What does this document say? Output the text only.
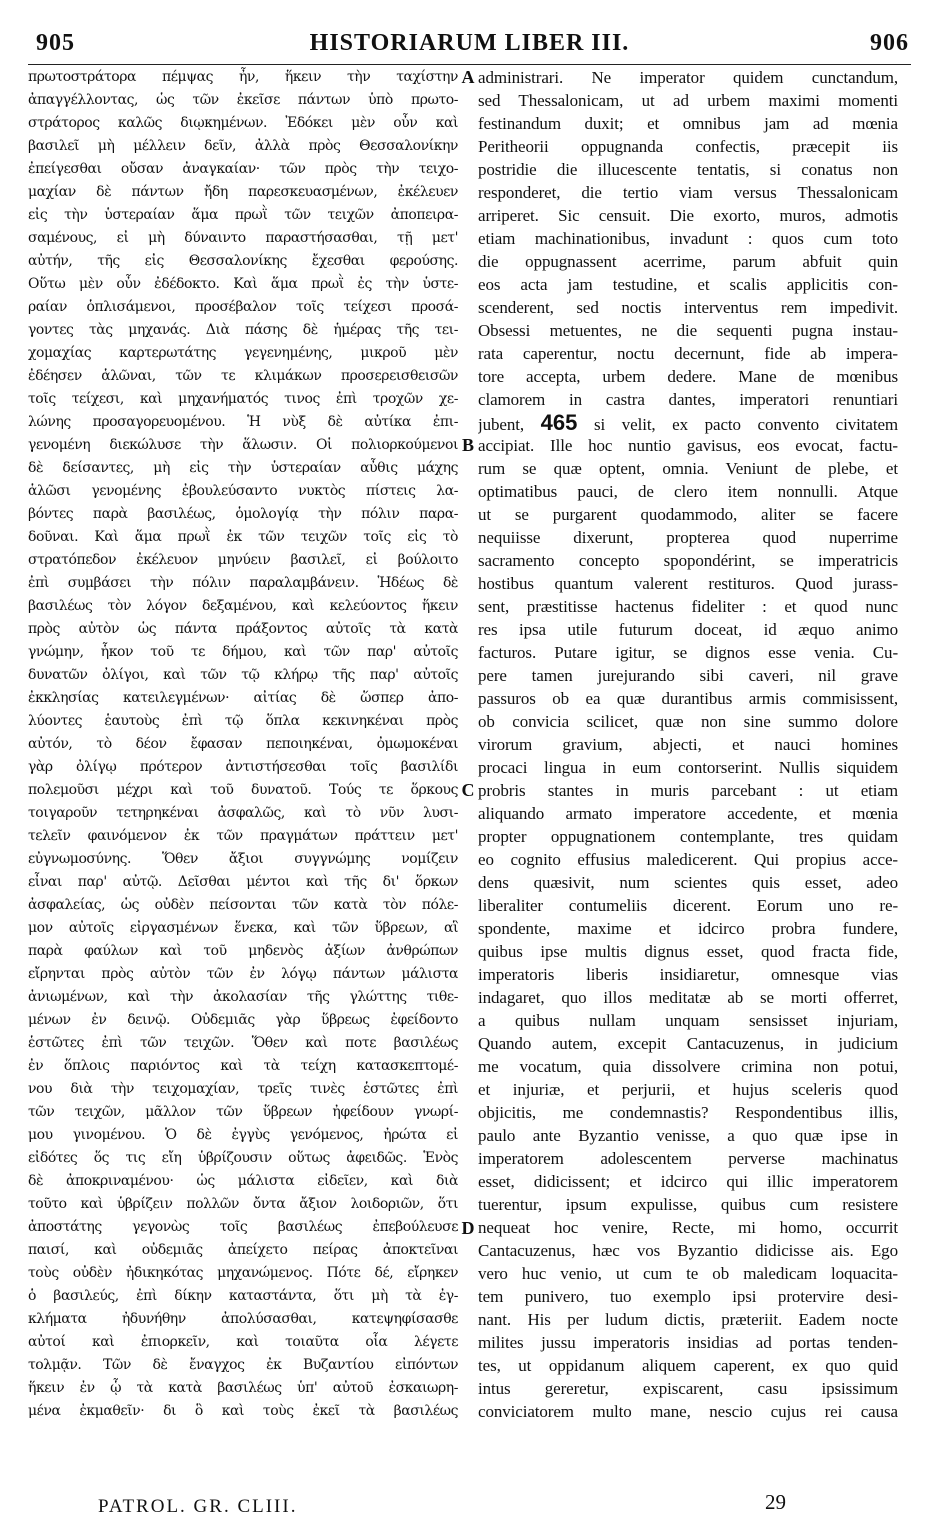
905	HISTORIARUM LIBER III.	906
πρωτοστράτορα πέμψας ἦν, ἥκειν τὴν ταχίστην
ἀπαγγέλλοντας, ὡς τῶν ἐκεῖσε πάντων ὑπὸ πρωτο-
στράτορος καλῶς διῳκημένων. Ἐδόκει μὲν οὖν καὶ
βασιλεῖ μὴ μέλλειν δεῖν, ἀλλὰ πρὸς Θεσσαλονίκην
ἐπείγεσθαι οὔσαν ἀναγκαίαν· τῶν πρὸς τὴν τειχο-
μαχίαν δὲ πάντων ἤδη παρεσκευασμένων, ἐκέλευεν
εἰς τὴν ὑστεραίαν ἅμα πρωῒ τῶν τειχῶν ἀποπειρα-
σαμένους, εἰ μὴ δύναιντο παραστήσασθαι, τῇ μετ'
αὐτήν, τῆς εἰς Θεσσαλονίκης ἔχεσθαι φερούσης.
Οὕτω μὲν οὖν ἐδέδοκτο. Καὶ ἅμα πρωῒ ἐς τὴν ὑστε-
ραίαν ὁπλισάμενοι, προσέβαλον τοῖς τείχεσι προσά-
γοντες τὰς μηχανάς. Διὰ πάσης δὲ ἡμέρας τῆς τει-
χομαχίας καρτερωτάτης γεγενημένης, μικροῦ μὲν
ἐδέησεν ἁλῶναι, τῶν τε κλιμάκων προσερεισθεισῶν
τοῖς τείχεσι, καὶ μηχανήματός τινος ἐπὶ τροχῶν χε-
λώνης προσαγορευομένου. Ἡ νὺξ δὲ αὐτίκα ἐπι-
γενομένη διεκώλυσε τὴν ἅλωσιν. Οἱ πολιορκούμενοι
δὲ δείσαντες, μὴ εἰς τὴν ὑστεραίαν αὖθις μάχης
ἁλῶσι γενομένης ἐβουλεύσαντο νυκτὸς πίστεις λα-
βόντες παρὰ βασιλέως, ὁμολογίᾳ τὴν πόλιν παρα-
δοῦναι. Καὶ ἅμα πρωῒ ἐκ τῶν τειχῶν τοῖς εἰς τὸ
στρατόπεδον ἐκέλευον μηνύειν βασιλεῖ, εἰ βούλοιτο
ἐπὶ συμβάσει τὴν πόλιν παραλαμβάνειν. Ἡδέως δὲ
βασιλέως τὸν λόγον δεξαμένου, καὶ κελεύοντος ἥκειν
πρὸς αὐτὸν ὡς πάντα πράξοντος αὐτοῖς τὰ κατὰ
γνώμην, ἧκον τοῦ τε δήμου, καὶ τῶν παρ' αὐτοῖς
δυνατῶν ὀλίγοι, καὶ τῶν τῷ κλήρῳ τῆς παρ' αὐτοῖς
ἐκκλησίας κατειλεγμένων· αἰτίας δὲ ὥσπερ ἀπο-
λύοντες ἑαυτοὺς ἐπὶ τῷ ὅπλα κεκινηκέναι πρὸς
αὐτόν, τὸ δέον ἔφασαν πεποιηκέναι, ὀμωμοκέναι
γὰρ ὀλίγῳ πρότερον ἀντιστήσεσθαι τοῖς βασιλίδι
πολεμοῦσι μέχρι καὶ τοῦ δυνατοῦ. Τούς τε ὅρκους
τοιγαροῦν τετηρηκέναι ἀσφαλῶς, καὶ τὸ νῦν λυσι-
τελεῖν φαινόμενον ἐκ τῶν πραγμάτων πράττειν μετ'
εὐγνωμοσύνης. Ὅθεν ἄξιοι συγγνώμης νομίζειν
εἶναι παρ' αὐτῷ. Δεῖσθαι μέντοι καὶ τῆς δι' ὅρκων
ἀσφαλείας, ὡς οὐδὲν πείσονται τῶν κατὰ τὸν πόλε-
μον αὐτοῖς εἰργασμένων ἕνεκα, καὶ τῶν ὕβρεων, αἳ
παρὰ φαύλων καὶ τοῦ μηδενὸς ἀξίων ἀνθρώπων
εἴρηνται πρὸς αὐτὸν τῶν ἐν λόγῳ πάντων μάλιστα
ἀνιωμένων, καὶ τὴν ἀκολασίαν τῆς γλώττης τιθε-
μένων ἐν δεινῷ. Οὐδεμιᾶς γὰρ ὕβρεως ἐφείδοντο
ἑστῶτες ἐπὶ τῶν τειχῶν. Ὅθεν καὶ ποτε βασιλέως
ἐν ὅπλοις παριόντος καὶ τὰ τείχη κατασκεπτομέ-
νου διὰ τὴν τειχομαχίαν, τρεῖς τινὲς ἑστῶτες ἐπὶ
τῶν τειχῶν, μᾶλλον τῶν ὕβρεων ἠφείδουν γνωρί-
μου γινομένου. Ὁ δὲ ἐγγὺς γενόμενος, ἠρώτα εἰ
εἰδότες ὅς τις εἴη ὑβρίζουσιν οὕτως ἀφειδῶς. Ἑνὸς
δὲ ἀποκριναμένου· ὡς μάλιστα εἰδεῖεν, καὶ διὰ
τοῦτο καὶ ὑβρίζειν πολλῶν ὄντα ἄξιον λοιδοριῶν, ὅτι
ἀποστάτης γεγονὼς τοῖς βασιλέως ἐπεβούλευσε
παισί, καὶ οὐδεμιᾶς ἀπείχετο πείρας ἀποκτεῖναι
τοὺς οὐδὲν ἠδικηκότας μηχανώμενος. Πότε δέ, εἴρηκεν
ὁ βασιλεύς, ἐπὶ δίκην καταστάντα, ὅτι μὴ τὰ ἐγ-
κλήματα ἠδυνήθην ἀπολύσασθαι, κατεψηφίσασθε
αὐτοί καὶ ἐπιορκεῖν, καὶ τοιαῦτα οἷα λέγετε
τολμᾷν. Τῶν δὲ ἔναγχος ἐκ Βυζαντίου εἰπόντων
ἥκειν ἐν ᾧ τὰ κατὰ βασιλέως ὑπ' αὐτοῦ ἐσκαιωρη-
μένα ἐκμαθεῖν· δι ὃ καὶ τοὺς ἐκεῖ τὰ βασιλέως
administrari. Ne imperator quidem cunctandum,
sed Thessalonicam, ut ad urbem maximi momenti
festinandum duxit; et omnibus jam ad mœnia
Peritheorii oppugnanda confectis, præcepit iis
postridie die illucescente tentatis, si conatus non
responderet, die tertio viam versus Thessalonicam
arriperet. Sic censuit. Die exorto, muros, admotis
etiam machinationibus, invadunt : quos cum toto
die oppugnassent acerrime, parum abfuit quin
eos acta jam testudine, et scalis applicitis con-
scenderent, sed noctis interventus rem impedivit.
Obsessi metuentes, ne die sequenti pugna instau-
rata caperentur, noctu decernunt, fide ab impera-
tore accepta, urbem dedere. Mane de mœnibus
clamorem in castra dantes, imperatori renuntiari
jubent, 465 si velit, ex pacto convento civitatem
accipiat. Ille hoc nuntio gavisus, eos evocat, factu-
rum se quæ optent, omnia. Veniunt de plebe, et
optimatibus pauci, de clero item nonnulli. Atque
ut se purgarent quodammodo, aliter se facere
nequiisse dixerunt, propterea quod nuperrime
sacramento concepto spopondérint, se imperatricis
hostibus quantum valerent restituros. Quod jurass-
sent, præstitisse hactenus fideliter : et quod nunc
res ipsa utile futurum doceat, id æquo animo
facturos. Putare igitur, se dignos esse venia. Cu-
pere tamen jurejurando sibi caveri, nil grave
passuros ob ea quæ durantibus armis commisissent,
ob convicia scilicet, quæ non sine summo dolore
virorum gravium, abjecti, et nauci homines
procaci lingua in eum contorserint. Nullis siquidem
probris stantes in muris parcebant : ut etiam
aliquando armato imperatore accedente, et mœnia
propter oppugnationem contemplante, tres quidam
eo cognito effusius maledicerent. Qui propius acce-
dens quæsivit, num scientes quis esset, adeo
liberaliter contumeliis dicerent. Eorum uno re-
spondente, maxime et idcirco probra fundere,
quibus ipse multis dignus esset, quod fracta fide,
imperatoris liberis insidiaretur, omnesque vias
indagaret, quo illos meditatæ ab se morti offerret,
a quibus nullam unquam sensisset injuriam,
Quando autem, excepit Cantacuzenus, in judicium
me vocatum, quia dissolvere crimina non potui,
et injuriæ, et perjurii, et hujus sceleris quod
objicitis, me condemnastis? Respondentibus illis,
paulo ante Byzantio venisse, a quo quæ ipse in
imperatorem adolescentem perverse machinatus
esset, didicissent; et idcirco qui illic imperatorem
tuerentur, ipsum expulisse, quibus cum resistere
nequeat hoc venire, Recte, mi homo, occurrit
Cantacuzenus, hæc vos Byzantio didicisse ais. Ego
vero huc venio, ut cum te ob maledicam loquacita-
tem punivero, tuo exemplo ipsi protervire desi-
nant. His per ludum dictis, præteriit. Eadem nocte
milites jussu imperatoris insidias ad portas tenden-
tes, ut oppidanum aliquem caperent, ex quo quid
intus gereretur, expiscarent, casu ipsissimum
conviciatorem multo mane, nescio cujus rei causa
A
B
C
D
PATROL. GR. CLIII.	29
